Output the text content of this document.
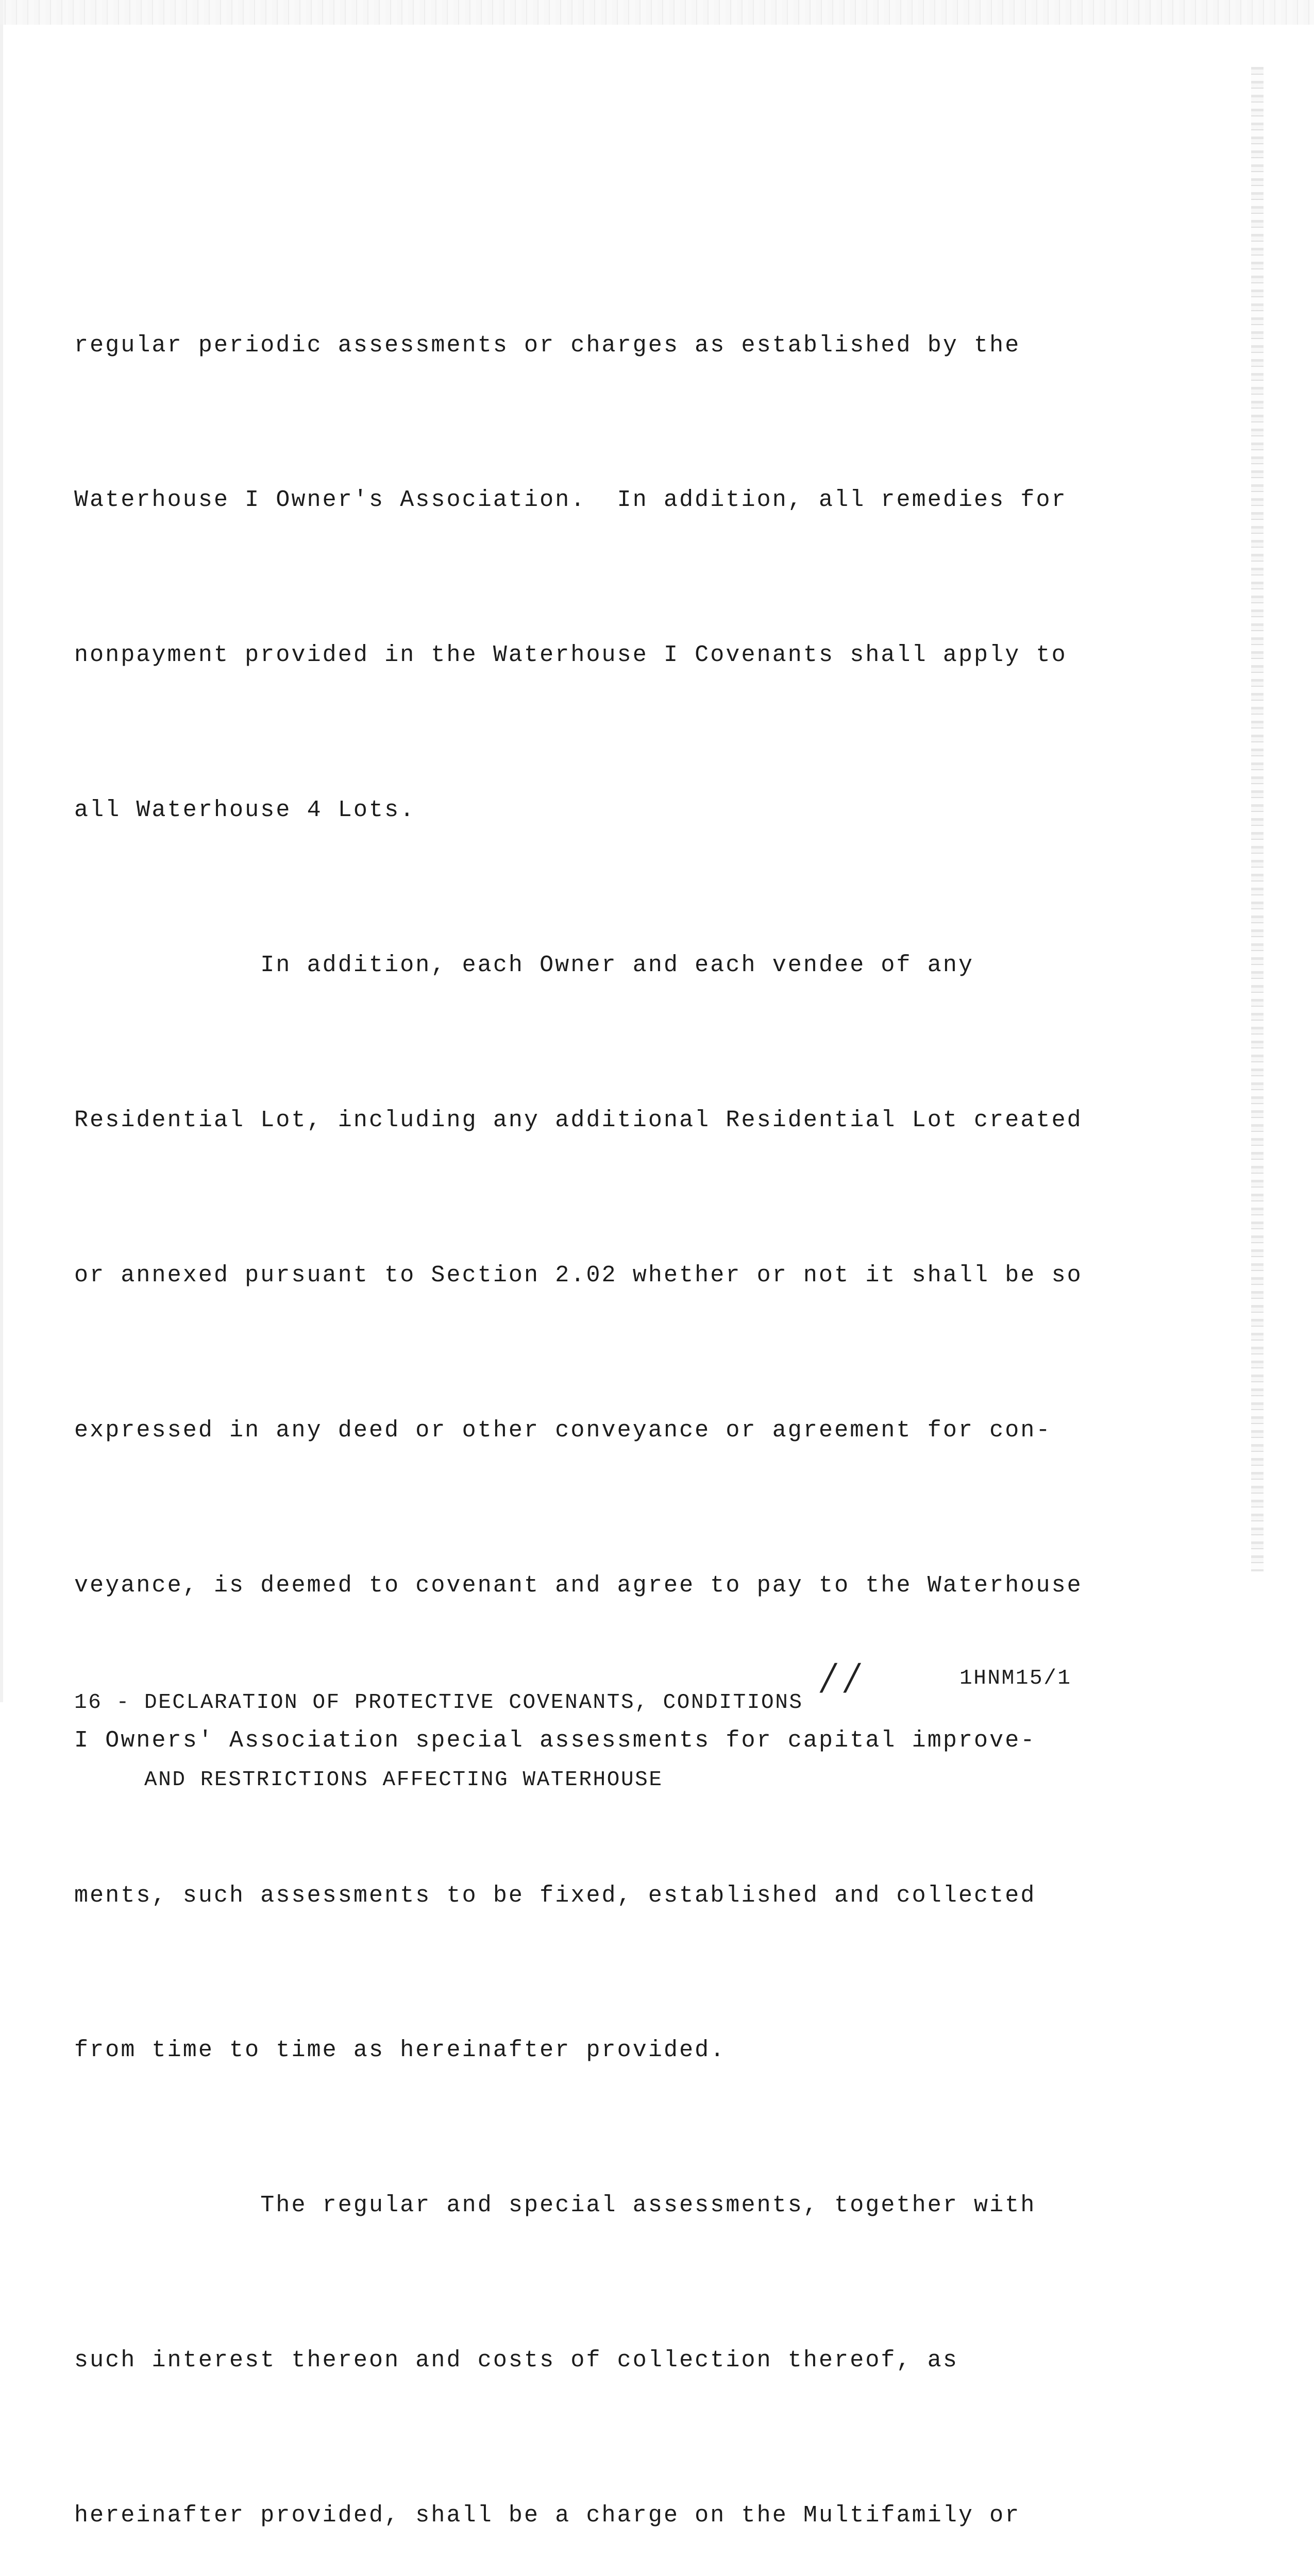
regular periodic assessments or charges as established by the

Waterhouse I Owner's Association.  In addition, all remedies for

nonpayment provided in the Waterhouse I Covenants shall apply to

all Waterhouse 4 Lots.

In addition, each Owner and each vendee of any

Residential Lot, including any additional Residential Lot created

or annexed pursuant to Section 2.02 whether or not it shall be so

expressed in any deed or other conveyance or agreement for con-

veyance, is deemed to covenant and agree to pay to the Waterhouse

I Owners' Association special assessments for capital improve-

ments, such assessments to be fixed, established and collected

from time to time as hereinafter provided.

The regular and special assessments, together with

such interest thereon and costs of collection thereof, as

hereinafter provided, shall be a charge on the Multifamily or

16 - DECLARATION OF PROTECTIVE COVENANTS, CONDITIONS

AND RESTRICTIONS AFFECTING WATERHOUSE

/ /	1HNM15/1
